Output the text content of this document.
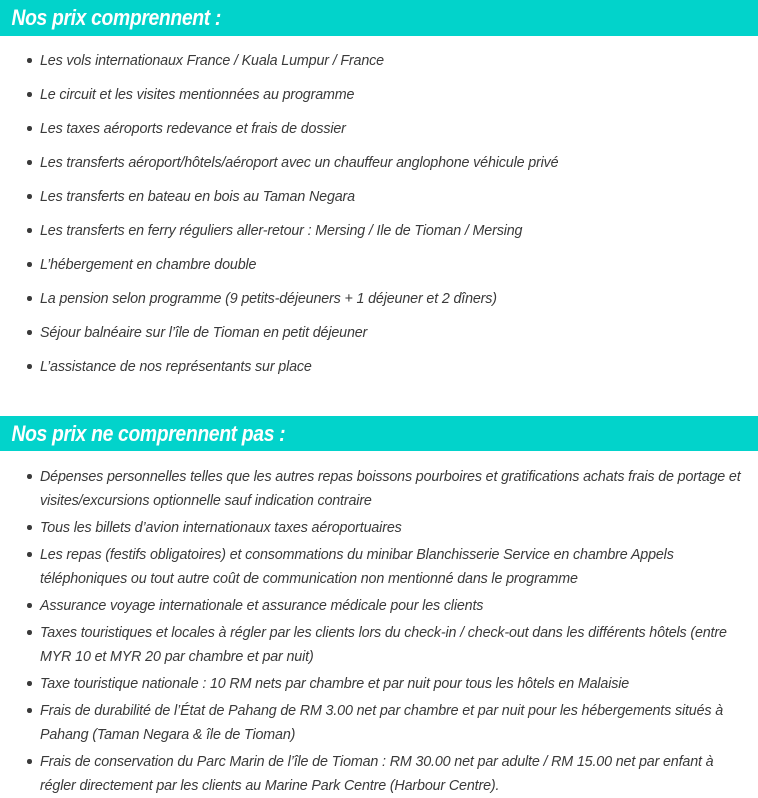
Nos prix comprennent :
Les vols internationaux France / Kuala Lumpur / France
Le circuit et les visites mentionnées au programme
Les taxes aéroports redevance et frais de dossier
Les transferts aéroport/hôtels/aéroport avec un chauffeur anglophone véhicule privé
Les transferts en bateau en bois au Taman Negara
Les transferts en ferry réguliers aller-retour : Mersing / Ile de Tioman / Mersing
L’hébergement en chambre double
La pension selon programme (9 petits-déjeuners + 1 déjeuner et 2 dîners)
Séjour balnéaire sur l’île de Tioman en petit déjeuner
L’assistance de nos représentants sur place
Nos prix ne comprennent pas :
Dépenses personnelles telles que les autres repas boissons pourboires et gratifications achats frais de portage et visites/excursions optionnelle sauf indication contraire
Tous les billets d’avion internationaux taxes aéroportuaires
Les repas (festifs obligatoires) et consommations du minibar Blanchisserie Service en chambre Appels téléphoniques ou tout autre coût de communication non mentionné dans le programme
Assurance voyage internationale et assurance médicale pour les clients
Taxes touristiques et locales à régler par les clients lors du check-in / check-out dans les différents hôtels (entre MYR 10 et MYR 20 par chambre et par nuit)
Taxe touristique nationale : 10 RM nets par chambre et par nuit pour tous les hôtels en Malaisie
Frais de durabilité de l’État de Pahang de RM 3.00 net par chambre et par nuit pour les hébergements situés à Pahang (Taman Negara & île de Tioman)
Frais de conservation du Parc Marin de l’île de Tioman : RM 30.00 net par adulte / RM 15.00 net par enfant à régler directement par les clients au Marine Park Centre (Harbour Centre).
